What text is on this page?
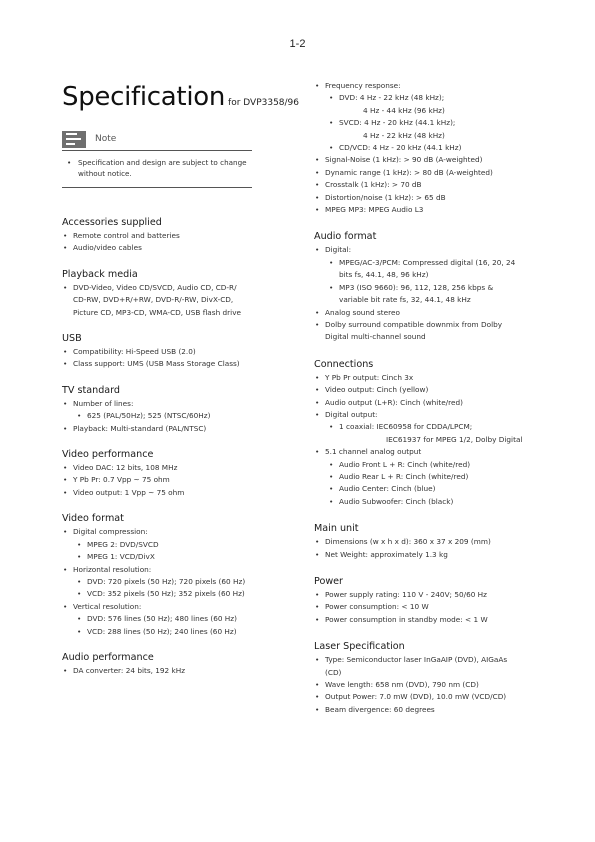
1-2
Specification for DVP3358/96
Note
• Specification and design are subject to change
without notice.
Accessories supplied
• Remote control and batteries
• Audio/video cables
Playback media
• DVD-Video, Video CD/SVCD, Audio CD, CD-R/
CD-RW, DVD+R/+RW, DVD-R/-RW, DivX-CD,
Picture CD, MP3-CD, WMA-CD, USB flash drive
USB
• Compatibility: Hi-Speed USB (2.0)
• Class support: UMS (USB Mass Storage Class)
TV standard
• Number of lines:
• 625 (PAL/50Hz); 525 (NTSC/60Hz)
• Playback: Multi-standard (PAL/NTSC)
Video performance
• Video DAC: 12 bits, 108 MHz
• Y Pb Pr: 0.7 Vpp ~ 75 ohm
• Video output: 1 Vpp ~ 75 ohm
Video format
• Digital compression:
• MPEG 2: DVD/SVCD
• MPEG 1: VCD/DivX
• Horizontal resolution:
• DVD: 720 pixels (50 Hz); 720 pixels (60 Hz)
• VCD: 352 pixels (50 Hz); 352 pixels (60 Hz)
• Vertical resolution:
• DVD: 576 lines (50 Hz); 480 lines (60 Hz)
• VCD: 288 lines (50 Hz); 240 lines (60 Hz)
Audio performance
• DA converter: 24 bits, 192 kHz
• Frequency response:
• DVD: 4 Hz - 22 kHz (48 kHz);
4 Hz - 44 kHz (96 kHz)
• SVCD: 4 Hz - 20 kHz (44.1 kHz);
4 Hz - 22 kHz (48 kHz)
• CD/VCD: 4 Hz - 20 kHz (44.1 kHz)
• Signal-Noise (1 kHz): > 90 dB (A-weighted)
• Dynamic range (1 kHz): > 80 dB (A-weighted)
• Crosstalk (1 kHz): > 70 dB
• Distortion/noise (1 kHz): > 65 dB
• MPEG MP3: MPEG Audio L3
Audio format
• Digital:
• MPEG/AC-3/PCM: Compressed digital (16, 20, 24
bits fs, 44.1, 48, 96 kHz)
• MP3 (ISO 9660): 96, 112, 128, 256 kbps &
variable bit rate fs, 32, 44.1, 48 kHz
• Analog sound stereo
• Dolby surround compatible downmix from Dolby
Digital multi-channel sound
Connections
• Y Pb Pr output: Cinch 3x
• Video output: Cinch (yellow)
• Audio output (L+R): Cinch (white/red)
• Digital output:
• 1 coaxial: IEC60958 for CDDA/LPCM;
IEC61937 for MPEG 1/2, Dolby Digital
• 5.1 channel analog output
• Audio Front L + R: Cinch (white/red)
• Audio Rear L + R: Cinch (white/red)
• Audio Center: Cinch (blue)
• Audio Subwoofer: Cinch (black)
Main unit
• Dimensions (w x h x d): 360 x 37 x 209 (mm)
• Net Weight: approximately 1.3 kg
Power
• Power supply rating: 110 V - 240V; 50/60 Hz
• Power consumption: < 10 W
• Power consumption in standby mode: < 1 W
Laser Specification
• Type: Semiconductor laser InGaAIP (DVD), AIGaAs
(CD)
• Wave length: 658 nm (DVD), 790 nm (CD)
• Output Power: 7.0 mW (DVD), 10.0 mW (VCD/CD)
• Beam divergence: 60 degrees
